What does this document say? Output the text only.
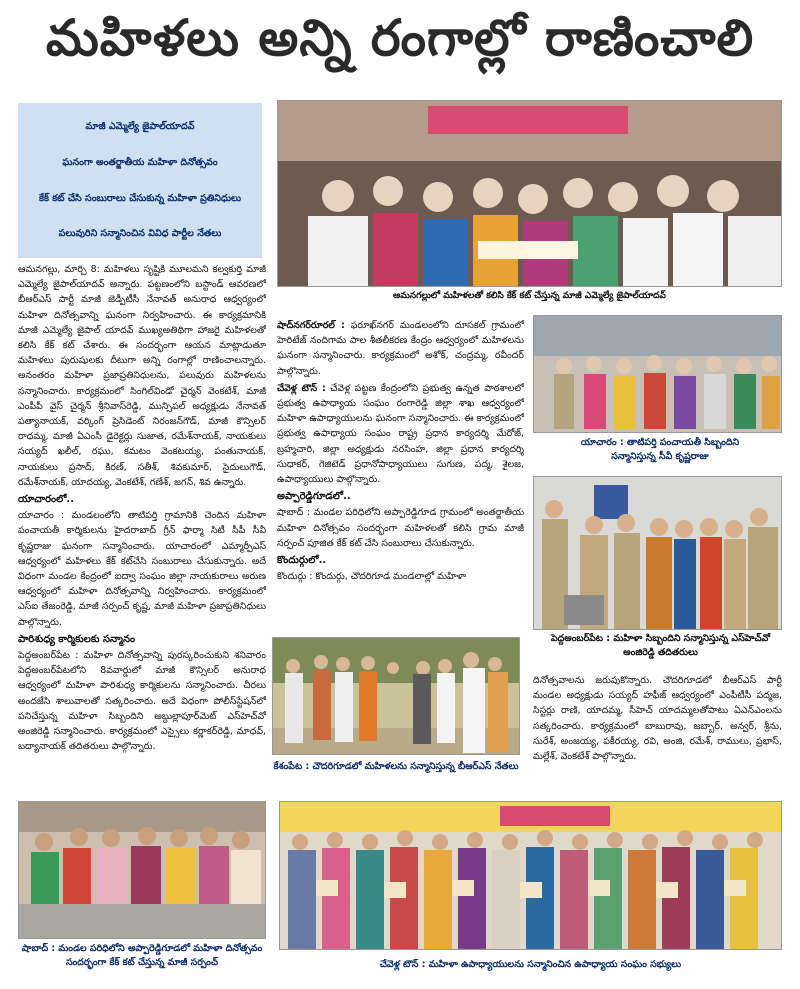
మహిళలు అన్ని రంగాల్లో రాణించాలి
మాజీ ఎమ్మెల్యే జైపాల్‌యాదవ్
ఘనంగా అంతర్జాతీయ మహిళా దినోత్సవం
కేక్ కట్ చేసి సంబురాలు చేసుకున్న మహిళా ప్రతినిధులు
పలువురిని సన్మానించిన వివిధ పార్టీల నేతలు
ఆమనగల్లులో మహిళలతో కలిసి కేక్ కట్ చేస్తున్న మాజీ ఎమ్మెల్యే జైపాల్‌యాదవ్

ఆమనగల్లు, మార్చి 8: మహిళలు సృష్టికి మూలమని కల్వకుర్తి మాజీ ఎమ్మెల్యే జైపాల్‌యాదవ్ అన్నారు. పట్టణంలోని బస్టాండ్ ఆవరణలో బీఆర్‌ఎస్ పార్టీ మాజీ జెడ్పీటీసీ నేనావత్ అనురాధ ఆధ్వర్యంలో మహిళా దినోత్సవాన్ని ఘనంగా నిర్వహించారు. ఈ కార్యక్రమానికి మాజీ ఎమ్మెల్యే జైపాల్ యాదవ్ ముఖ్యఅతిథిగా హాజరై మహిళలతో కలిసి కేక్ కట్ చేశారు. ఈ సందర్భంగా ఆయన మాట్లాడుతూ మహిళలు పురుషులకు దీటుగా అన్ని రంగాల్లో రాణించాలన్నారు. అనంతరం మహిళా ప్రజాప్రతినిధులను, పలువురు మహిళలను సన్మానించారు. కార్యక్రమంలో సింగిల్‌విండో చైర్మన్ వెంకటేశ్, మాజీ ఎంపీపీ వైస్ చైర్మన్ శ్రీనివాస్‌రెడ్డి, మున్సిపల్ అధ్యక్షుడు నేనావత్ పత్యానాయక్, వర్కింగ్ ప్రెసిడెంట్ నిరంజన్‌గౌడ్, మాజీ కౌన్సిలర్ రాధమ్మ, మాజీ ఏఎంసీ డైరెక్టర్లు సుజాత, రమేశ్‌నాయక్, నాయకులు సయ్యద్ ఖలీల్, రఘు, కమటం వెంకటయ్య, పంతునాయక్, నాయకులు ప్రసాద్, కిరణ్, సతీశ్, శివకుమార్, సైదులుగౌడ్, రమేశ్‌నాయక్, యాదయ్య, వెంకటేశ్, గణేశ్, జగన్, శివ ఉన్నారు.

యాచారంలో..

యాచారం : మండలంలోని తాటిపర్తి గ్రామానికి చెందిన మహిళా పంచాయతీ కార్మికులను హైదరాబాద్ గ్రీన్ ఫార్మా సిటీ సీపీ సీవీ కృష్ణరాజు ఘనంగా సన్మానించారు. యాచారంలో ఎమ్మార్పీఎస్ ఆధ్వర్యంలో మహిళలు కేక్ కట్‌చేసి సంబురాలు చేసుకున్నారు. అదే విధంగా మండల కేంద్రంలో ఐద్వా సంఘం జిల్లా నాయకురాలు అరుణ ఆధ్వర్యంలో మహిళా దినోత్సవాన్ని నిర్వహించారు. కార్యక్రమంలో ఎస్‌ఐ తేజంరెడ్డి, మాజీ సర్పంచ్ కృష్ణ, మాజీ మహిళా ప్రజాప్రతినిధులు పాల్గొన్నారు.

పారిశుధ్య కార్మికులకు సన్మానం

పెద్దఅంబర్‌పేట : మహిళా దినోత్సవాన్ని పురస్కరించుకుని శనివారం పెద్దఅంబర్‌పేటలోని 8వవార్డులో మాజీ కౌన్సిలర్ అనురాధ ఆధ్వర్యంలో మహిళా పారిశుధ్య కార్మికులను సన్మానించారు. చీరలు అందజేసి శాలువాలతో సత్కరించారు. అదే విధంగా పోలీస్‌స్టేషన్‌లో పనిచేస్తున్న మహిళా సిబ్బందిని అబ్దుల్లాపూర్‌మెట్ ఎస్‌హెచ్‌వో అంజిరెడ్డి సన్మానించారు. కార్యక్రమంలో ఎస్సైలు కర్ణాకర్‌రెడ్డి, మాధవ్, బద్యానాయక్ తదితరులు పాల్గొన్నారు.

షాద్‌నగర్‌రూరల్ : ఫరూఖ్‌నగర్ మండలంలోని దూసకల్ గ్రామంలో హెరిటేజ్ నందిగామ పాల శీతలీకరణ కేంద్రం ఆధ్వర్యంలో మహిళలను ఘనంగా సన్మానించారు. కార్యక్రమంలో అశోక్, చంద్రమ్మ, రవీందర్ పాల్గొన్నారు.

చేవెళ్ల టౌన్ : చేవెళ్ల పట్టణ కేంద్రంలోని ప్రభుత్వ ఉన్నత పాఠశాలలో ప్రభుత్వ ఉపాధ్యాయ సంఘం రంగారెడ్డి జిల్లా శాఖ ఆధ్వర్యంలో మహిళా ఉపాధ్యాయులను ఘనంగా సన్మానించారు. ఈ కార్యక్రమంలో ప్రభుత్వ ఉపాధ్యాయ సంఘం రాష్ట్ర ప్రధాన కార్యదర్శి మేరోజ్, బ్రహ్మచారి, జిల్లా అధ్యక్షుడు నరసింహ, జిల్లా ప్రధాన కార్యదర్శి సుధాకర్, గెజిటెడ్ ప్రధానోపాధ్యాయులు సుగుణ, పద్మ, శైలజ, ఉపాధ్యాయులు పాల్గొన్నారు.

అప్పారెడ్డిగూడలో..

షాబాద్ : మండల పరిధిలోని అప్పారెడ్డిగూడ గ్రామంలో అంతర్జాతీయ మహిళా దినోత్సవం సందర్భంగా మహిళలతో కలిసి గ్రామ మాజీ సర్పంచ్ పూజిత కేక్ కట్ చేసి సంబురాలు చేసుకున్నారు.

కొందుర్గులో..

కొందుర్గు : కొందుర్గు, చౌదరిగూడ మండలాల్లో మహిళా

యాచారం : తాటిపర్తి పంచాయతీ సిబ్బందిని సన్మానిస్తున్న సీవీ కృష్ణరాజు
పెద్దఅంబర్‌పేట : మహిళా సిబ్బందిని సన్మానిస్తున్న ఎస్‌హెచ్‌వో అంజిరెడ్డి తదితరులు
కేశంపేట : చౌదరిగూడలో మహిళలను సన్మానిస్తున్న బీఆర్‌ఎస్ నేతలు

దినోత్సవాలను జరుపుకొన్నారు. చౌదరిగూడలో బీఆర్‌ఎస్ పార్టీ మండల అధ్యక్షుడు సయ్యద్ హఫీజ్ ఆధ్వర్యంలో ఎంపీటీసీ పద్మజ, సిస్టర్లు రాణి, యాదమ్మ, సీహెచ్ యాదమ్మలతోపాటు ఏఎన్‌ఎంలను సత్కరించారు. కార్యక్రమంలో బాబురావు, జబ్బార్, అన్వర్, శ్రీను, సురేశ్, అంజయ్య, పకీరయ్య, రవి, అంజి, రమేశ్, రాములు, ప్రభాస్, మల్లేశ్, వెంకటేశ్ పాల్గొన్నారు.

షాబాద్ : మండల పరిధిలోని అప్పారెడ్డిగూడలో మహిళా దినోత్సవం సందర్భంగా కేక్ కట్ చేస్తున్న మాజీ సర్పంచ్	చేవెళ్ల టౌన్ : మహిళా ఉపాధ్యాయులను సన్మానించిన ఉపాధ్యాయ సంఘం సభ్యులు
